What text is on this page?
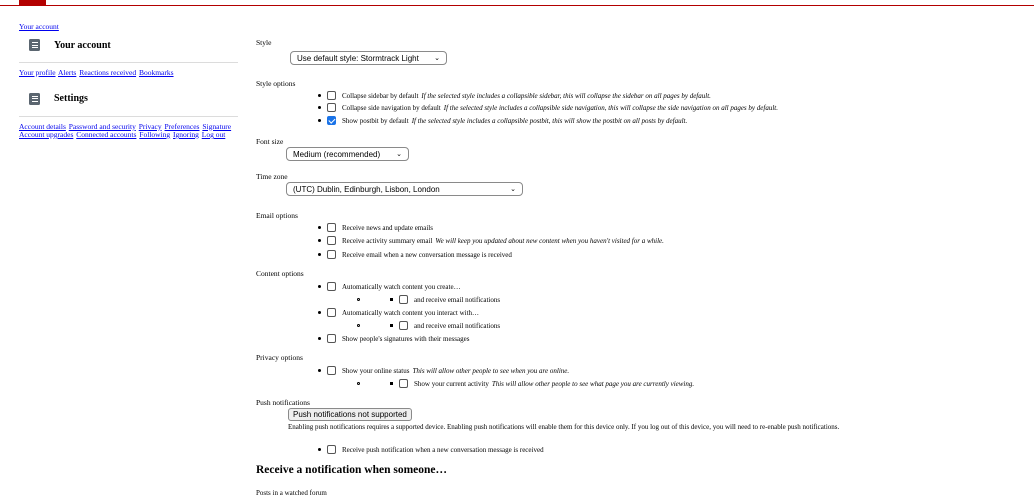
Your account
Your account
Your profile Alerts Reactions received Bookmarks
Settings
Account details Password and security Privacy Preferences Signature Account upgrades Connected accounts Following Ignoring Log out
Style
Use default style: Stormtrack Light ⌄
Style options
Collapse sidebar by default If the selected style includes a collapsible sidebar, this will collapse the sidebar on all pages by default.
Collapse side navigation by default If the selected style includes a collapsible side navigation, this will collapse the side navigation on all pages by default.
Show postbit by default If the selected style includes a collapsible postbit, this will show the postbit on all posts by default.
Font size
Medium (recommended) ⌄
Time zone
(UTC) Dublin, Edinburgh, Lisbon, London	⌄
Email options
Receive news and update emails
Receive activity summary email We will keep you updated about new content when you haven't visited for a while.
Receive email when a new conversation message is received
Content options
Automatically watch content you create…
and receive email notifications
Automatically watch content you interact with…
and receive email notifications
Show people's signatures with their messages
Privacy options
Show your online status This will allow other people to see when you are online.
Show your current activity This will allow other people to see what page you are currently viewing.
Push notifications
Push notifications not supported
Enabling push notifications requires a supported device. Enabling push notifications will enable them for this device only. If you log out of this device, you will need to re-enable push notifications.
Receive push notification when a new conversation message is received
Receive a notification when someone…
Posts in a watched forum
